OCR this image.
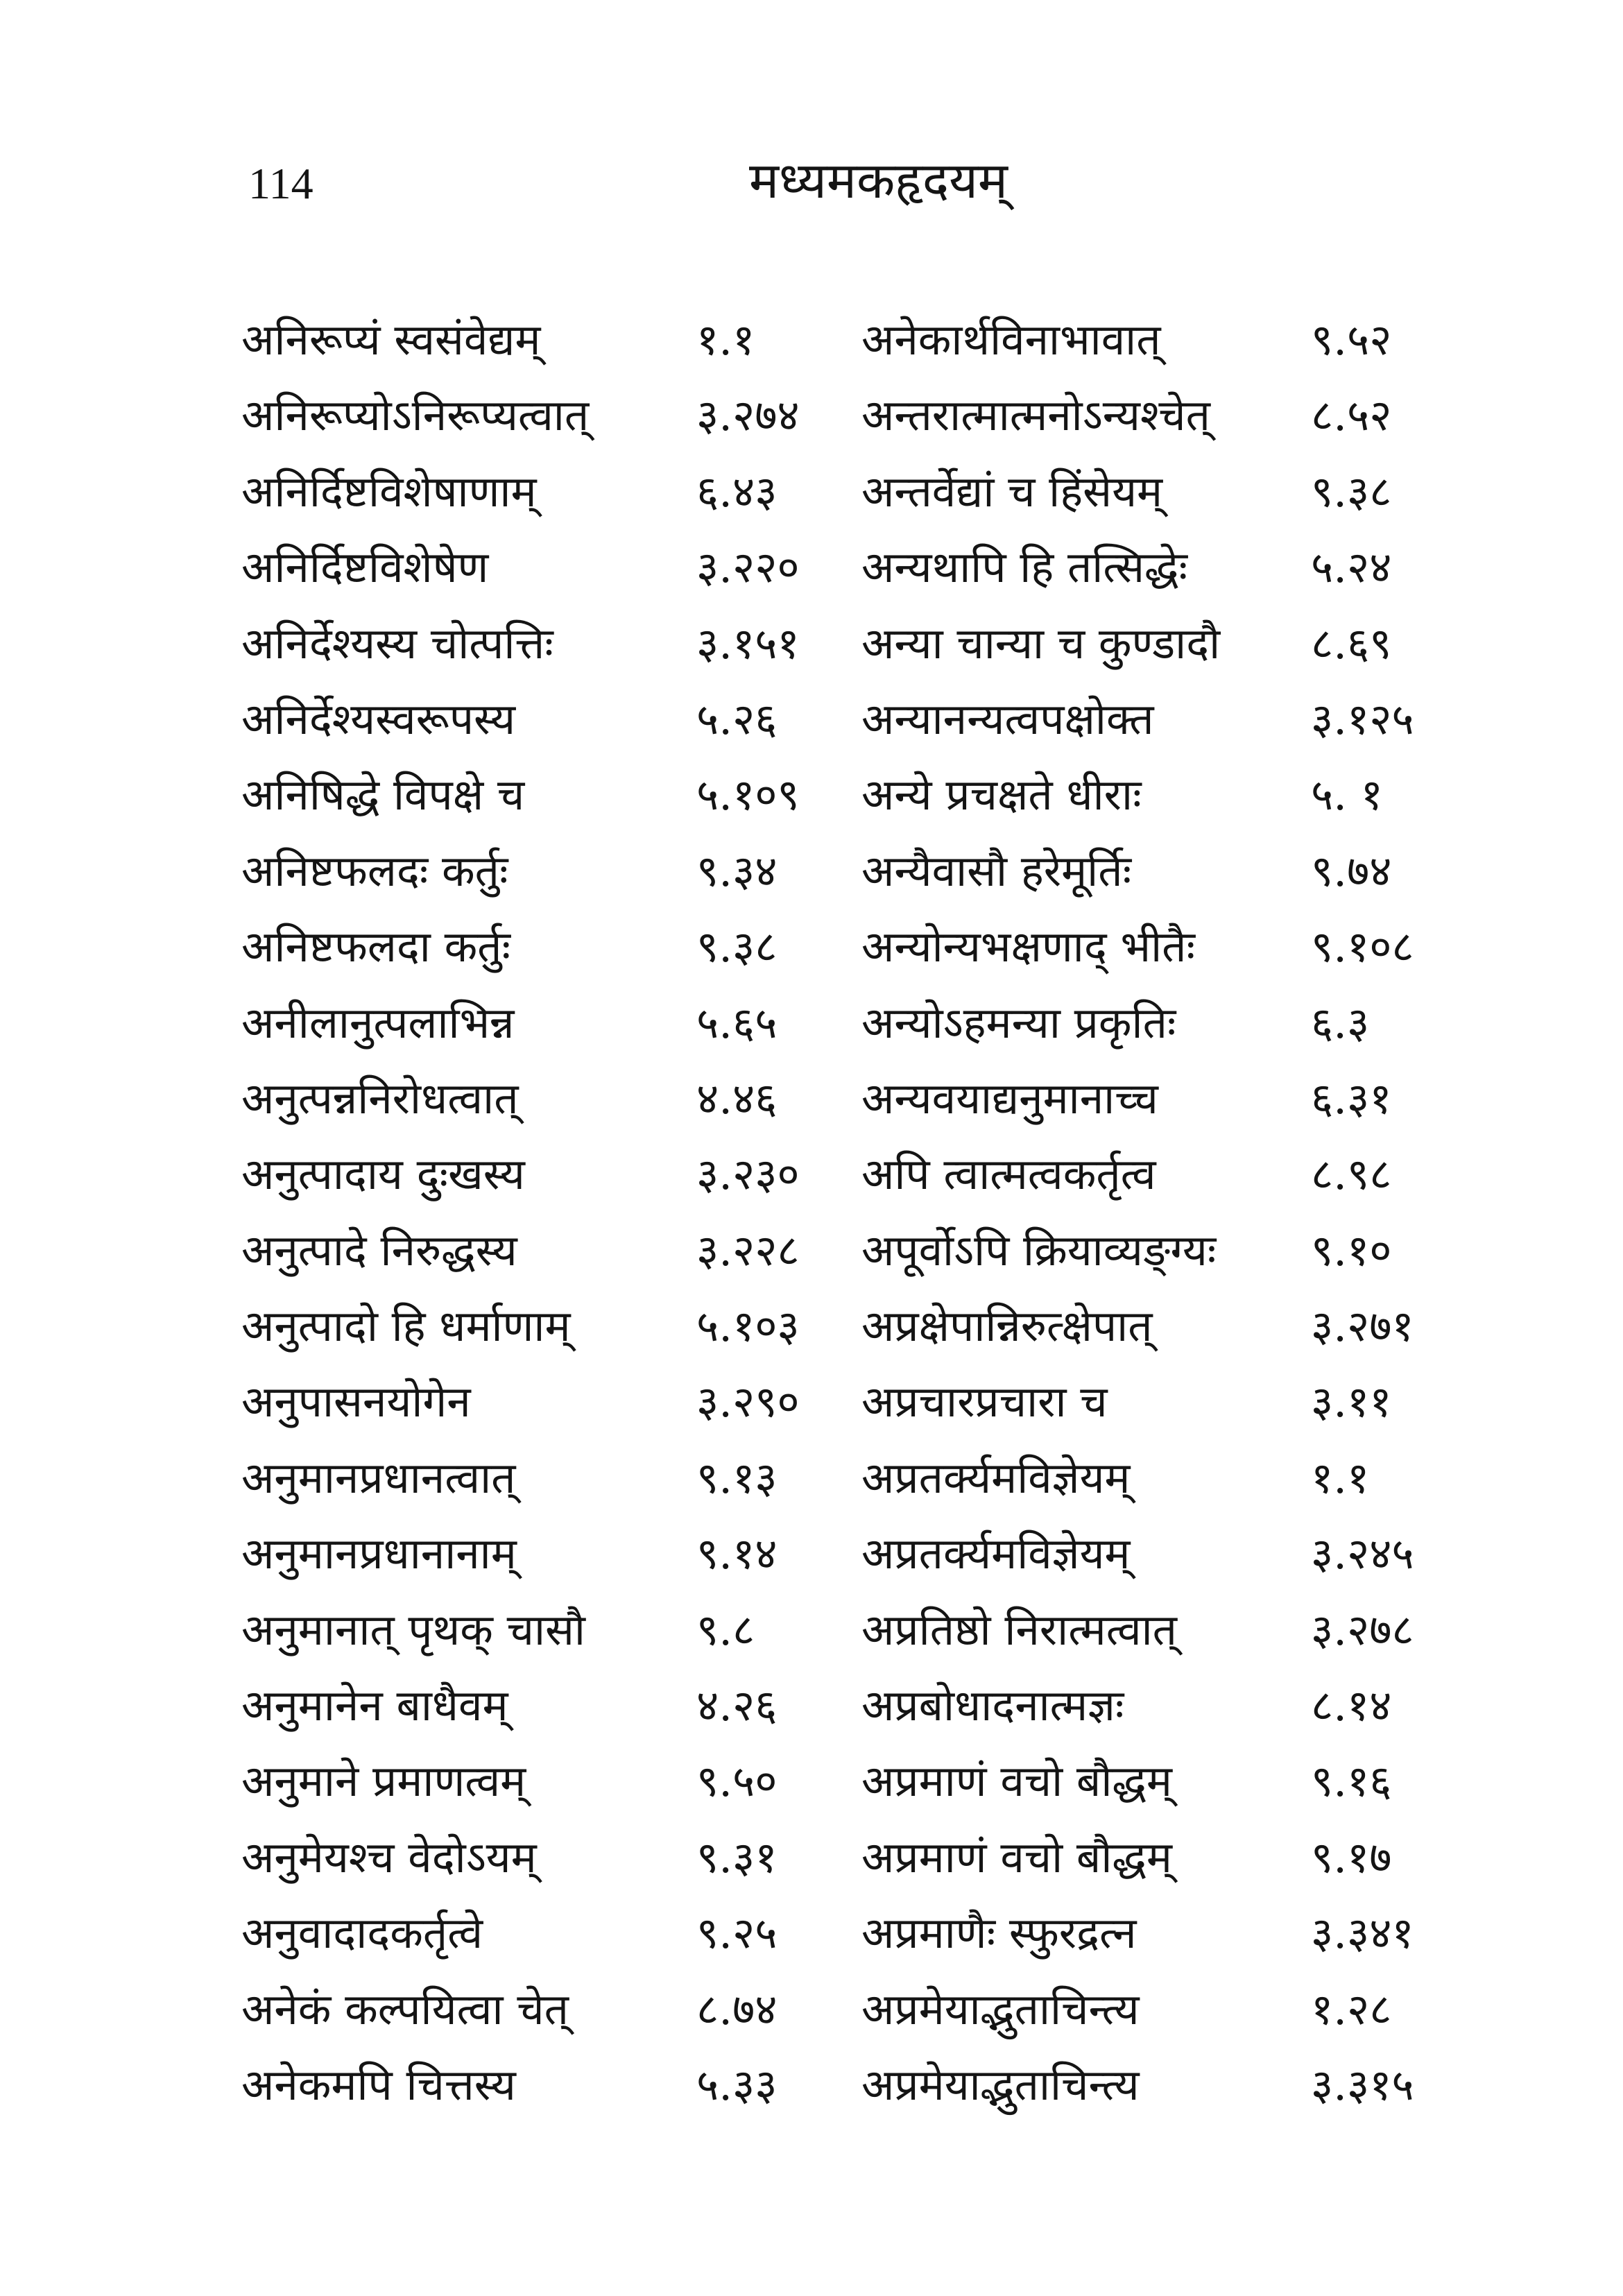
114	मध्यमकहृदयम्
अनिरूप्यं स्वसंवेद्यम्	१.१ अनेकार्थविनाभावात्	९.५२
अनिरूप्योऽनिरूप्यत्वात् ३.२७४ अन्तरात्मात्मनोऽन्यश्चेत् ८.५२
अनिर्दिष्टविशेषाणाम्	६.४३ अन्तर्वेद्यां च हिंसेयम्	९.३८
अनिर्दिष्टविशेषेण	३.२२० अन्यथापि हि तत्सिद्धेः	५.२४
अनिर्देश्यस्य चोत्पत्तिः	३.१५१ अन्या चान्या च कुण्डादौ ८.६९
अनिर्देश्यस्वरूपस्य	५.२६ अन्यानन्यत्वपक्षोक्त	३.१२५
अनिषिद्धे विपक्षे च	५.१०९ अन्ये प्रचक्षते धीराः	५. १
अनिष्टफलदः कर्तुः	९.३४ अन्यैवासौ हरेमूर्तिः	९.७४
अनिष्टफलदा कर्तुः	९.३८ अन्योन्यभक्षणाद् भीतैः	९.१०८
अनीलानुत्पलाभिन्न	५.६५ अन्योऽहमन्या प्रकृतिः	६.३
अनुत्पन्ननिरोधत्वात्	४.४६ अन्यवयाद्यनुमानाच्च	६.३१
अनुत्पादाय दुःखस्य	३.२३० अपि त्वात्मत्वकर्तृत्व	८.९८
अनुत्पादे निरुद्धस्य	३.२२८ अपूर्वोऽपि क्रियाव्यङ्ग्यः ९.१०
अनुत्पादो हि धर्माणाम्	५.१०३ अप्रक्षेपान्निरुत्क्षेपात्	३.२७१
अनुपासनयोगेन	३.२९० अप्रचारप्रचारा च	३.११
अनुमानप्रधानत्वात्	९.१३ अप्रतर्क्यमविज्ञेयम्	१.१
अनुमानप्रधानानाम्	९.१४ अप्रतर्क्यमविज्ञेयम्	३.२४५
अनुमानात् पृथक् चासौ	९.८ अप्रतिष्ठो निरात्मत्वात्	३.२७८
अनुमानेन बाधैवम्	४.२६ अप्रबोधादनात्मज्ञः	८.१४
अनुमाने प्रमाणत्वम्	९.५० अप्रमाणं वचो बौद्धम्	९.१६
अनुमेयश्च वेदोऽयम्	९.३१ अप्रमाणं वचो बौद्धम्	९.१७
अनुवादादकर्तृत्वे	९.२५ अप्रमाणैः स्फुरद्रत्न	३.३४१
अनेकं कल्पयित्वा चेत्	८.७४ अप्रमेयाद्भुताचिन्त्य	१.२८
अनेकमपि चित्तस्य	५.३३ अप्रमेयाद्भुताचिन्त्य	३.३१५
